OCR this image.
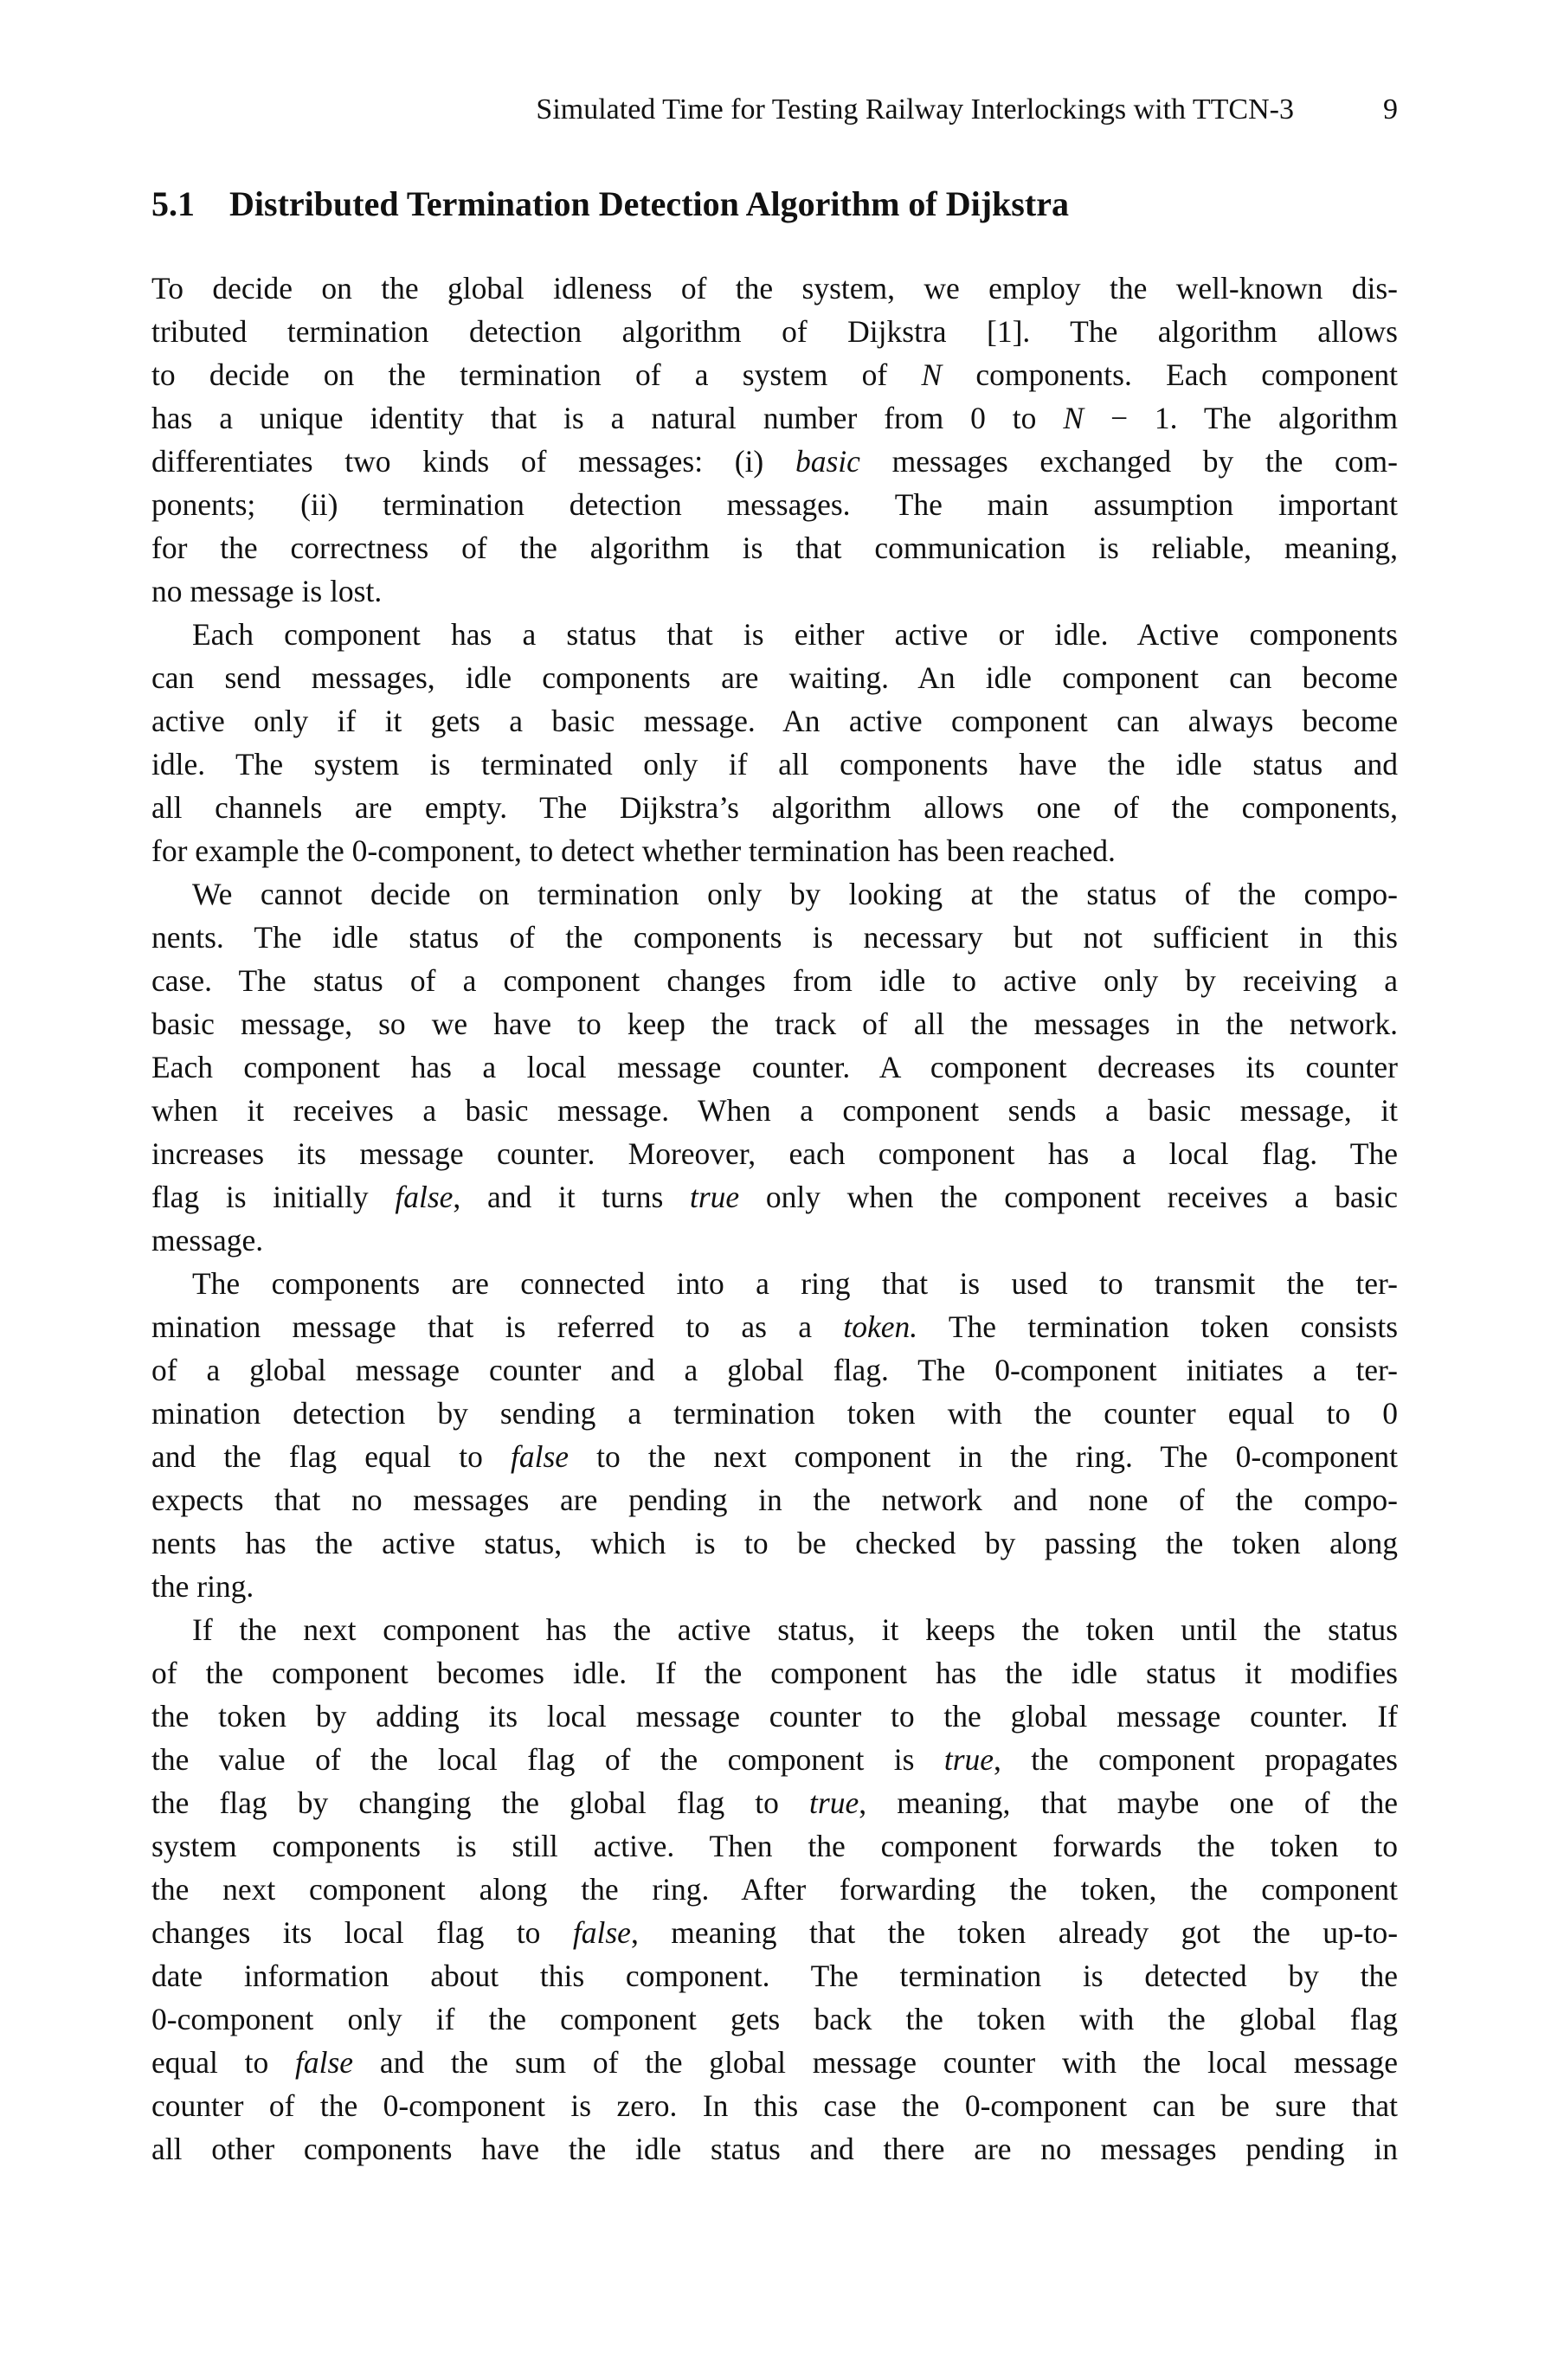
Simulated Time for Testing Railway Interlockings with TTCN-3	9
5.1 Distributed Termination Detection Algorithm of Dijkstra
To decide on the global idleness of the system, we employ the well-known dis-
tributed termination detection algorithm of Dijkstra [1]. The algorithm allows
to decide on the termination of a system of N components. Each component
has a unique identity that is a natural number from 0 to N − 1. The algorithm
differentiates two kinds of messages: (i) basic messages exchanged by the com-
ponents; (ii) termination detection messages. The main assumption important
for the correctness of the algorithm is that communication is reliable, meaning,
no message is lost.
Each component has a status that is either active or idle. Active components
can send messages, idle components are waiting. An idle component can become
active only if it gets a basic message. An active component can always become
idle. The system is terminated only if all components have the idle status and
all channels are empty. The Dijkstra’s algorithm allows one of the components,
for example the 0-component, to detect whether termination has been reached.
We cannot decide on termination only by looking at the status of the compo-
nents. The idle status of the components is necessary but not sufficient in this
case. The status of a component changes from idle to active only by receiving a
basic message, so we have to keep the track of all the messages in the network.
Each component has a local message counter. A component decreases its counter
when it receives a basic message. When a component sends a basic message, it
increases its message counter. Moreover, each component has a local flag. The
flag is initially false, and it turns true only when the component receives a basic
message.
The components are connected into a ring that is used to transmit the ter-
mination message that is referred to as a token. The termination token consists
of a global message counter and a global flag. The 0-component initiates a ter-
mination detection by sending a termination token with the counter equal to 0
and the flag equal to false to the next component in the ring. The 0-component
expects that no messages are pending in the network and none of the compo-
nents has the active status, which is to be checked by passing the token along
the ring.
If the next component has the active status, it keeps the token until the status
of the component becomes idle. If the component has the idle status it modifies
the token by adding its local message counter to the global message counter. If
the value of the local flag of the component is true, the component propagates
the flag by changing the global flag to true, meaning, that maybe one of the
system components is still active. Then the component forwards the token to
the next component along the ring. After forwarding the token, the component
changes its local flag to false, meaning that the token already got the up-to-
date information about this component. The termination is detected by the
0-component only if the component gets back the token with the global flag
equal to false and the sum of the global message counter with the local message
counter of the 0-component is zero. In this case the 0-component can be sure that
all other components have the idle status and there are no messages pending in
